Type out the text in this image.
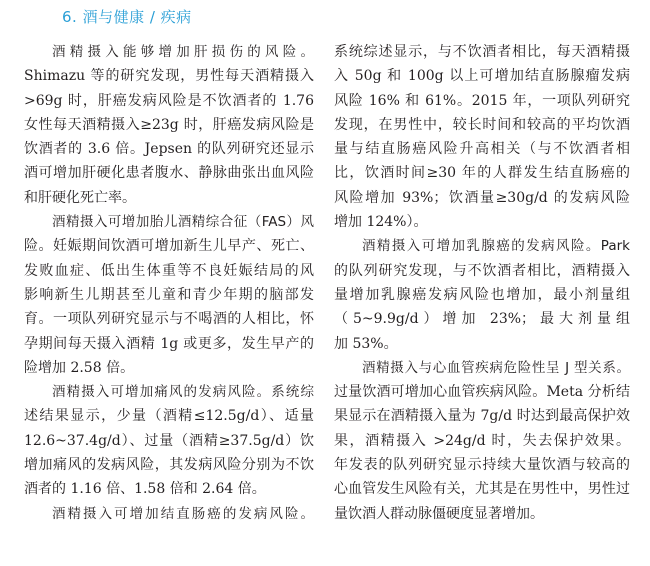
6. 酒与健康 / 疾病
酒精摄入能够增加肝损伤的风险。
Shimazu 等的研究发现，男性每天酒精摄入
>69g 时，肝癌发病风险是不饮酒者的 1.76
女性每天酒精摄入≥23g 时，肝癌发病风险是
饮酒者的 3.6 倍。Jepsen 的队列研究还显示
酒可增加肝硬化患者腹水、静脉曲张出血风险
和肝硬化死亡率。
酒精摄入可增加胎儿酒精综合征（FAS）风
险。妊娠期间饮酒可增加新生儿早产、死亡、
发败血症、低出生体重等不良妊娠结局的风
影响新生儿期甚至儿童和青少年期的脑部发
育。一项队列研究显示与不喝酒的人相比，怀
孕期间每天摄入酒精 1g 或更多，发生早产的
险增加 2.58 倍。
酒精摄入可增加痛风的发病风险。系统综
述结果显示，少量（酒精≤12.5g/d）、适量
12.6~37.4g/d）、过量（酒精≥37.5g/d）饮
增加痛风的发病风险，其发病风险分别为不饮
酒者的 1.16 倍、1.58 倍和 2.64 倍。
酒精摄入可增加结直肠癌的发病风险。
系统综述显示，与不饮酒者相比，每天酒精摄
入 50g 和 100g 以上可增加结直肠腺瘤发病
风险 16% 和 61%。2015 年，一项队列研究
发现，在男性中，较长时间和较高的平均饮酒
量与结直肠癌风险升高相关（与不饮酒者相
比，饮酒时间≥30 年的人群发生结直肠癌的
风险增加 93%；饮酒量≥30g/d 的发病风险
增加 124%）。
酒精摄入可增加乳腺癌的发病风险。Park
的队列研究发现，与不饮酒者相比，酒精摄入
量增加乳腺癌发病风险也增加，最小剂量组
（5~9.9g/d）增加 23%；最大剂量组
加 53%。
酒精摄入与心血管疾病危险性呈 J 型关系。
过量饮酒可增加心血管疾病风险。Meta 分析结
果显示在酒精摄入量为 7g/d 时达到最高保护效
果，酒精摄入 >24g/d 时，失去保护效果。
年发表的队列研究显示持续大量饮酒与较高的
心血管发生风险有关，尤其是在男性中，男性过
量饮酒人群动脉僵硬度显著增加。
